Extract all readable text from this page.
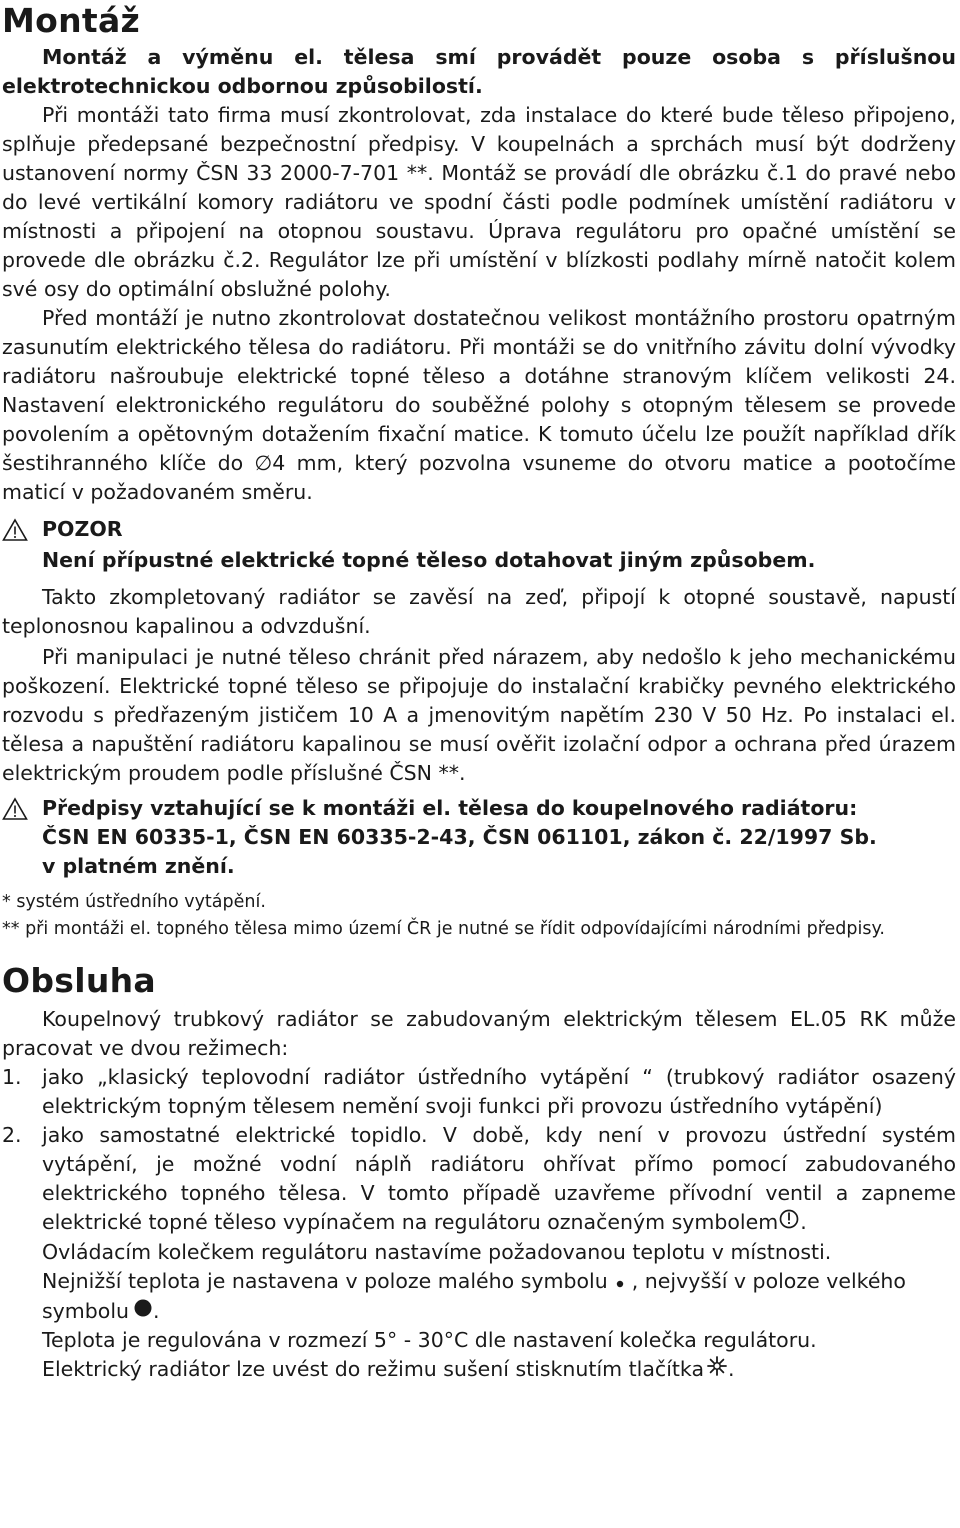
Montáž

Montáž a výměnu el. tělesa smí provádět pouze osoba s příslušnou elektrotechnickou odbornou způsobilostí.

Při montáži tato firma musí zkontrolovat, zda instalace do které bude těleso připojeno, splňuje předepsané bezpečnostní předpisy. V koupelnách a sprchách musí být dodrženy ustanovení normy ČSN 33 2000-7-701 **. Montáž se provádí dle obrázku č.1 do pravé nebo do levé vertikální komory radiátoru ve spodní části podle podmínek umístění radiátoru v místnosti a připojení na otopnou soustavu. Úprava regulátoru pro opačné umístění se provede dle obrázku č.2. Regulátor lze při umístění v blízkosti podlahy mírně natočit kolem své osy do optimální obslužné polohy.

Před montáží je nutno zkontrolovat dostatečnou velikost montážního prostoru opatrným zasunutím elektrického tělesa do radiátoru. Při montáži se do vnitřního závitu dolní vývodky radiátoru našroubuje elektrické topné těleso a dotáhne stranovým klíčem velikosti 24. Nastavení elektronického regulátoru do souběžné polohy s otopným tělesem se provede povolením a opětovným dotažením fixační matice. K tomuto účelu lze použít například dřík šestihranného klíče do ∅4 mm, který pozvolna vsuneme do otvoru matice a pootočíme maticí v požadovaném směru.

POZOR

Není přípustné elektrické topné těleso dotahovat jiným způsobem.

Takto zkompletovaný radiátor se zavěsí na zeď, připojí k otopné soustavě, napustí teplonosnou kapalinou a odvzdušní.

Při manipulaci je nutné těleso chránit před nárazem, aby nedošlo k jeho mechanickému poškození. Elektrické topné těleso se připojuje do instalační krabičky pevného elektrického rozvodu s předřazeným jističem 10 A a jmenovitým napětím 230 V 50 Hz. Po instalaci el. tělesa a napuštění radiátoru kapalinou se musí ověřit izolační odpor a ochrana před úrazem elektrickým proudem podle příslušné ČSN **.

Předpisy vztahující se k montáži el. tělesa do koupelnového radiátoru:

ČSN EN 60335-1, ČSN EN 60335-2-43, ČSN 061101, zákon č. 22/1997 Sb.

v platném znění.

* systém ústředního vytápění.

** při montáži el. topného tělesa mimo území ČR je nutné se řídit odpovídajícími národními předpisy.

Obsluha

Koupelnový trubkový radiátor se zabudovaným elektrickým tělesem EL.05 RK může pracovat ve dvou režimech:

1. jako „klasický teplovodní radiátor ústředního vytápění “ (trubkový radiátor osazený elektrickým topným tělesem nemění svoji funkci při provozu ústředního vytápění)

2. jako samostatné elektrické topidlo. V době, kdy není v provozu ústřední systém vytápění, je možné vodní náplň radiátoru ohřívat přímo pomocí zabudovaného elektrického topného tělesa. V tomto případě uzavřeme přívodní ventil a zapneme elektrické topné těleso vypínačem na regulátoru označeným symbolem .

Ovládacím kolečkem regulátoru nastavíme požadovanou teplotu v místnosti.

Nejnižší teplota je nastavena v poloze malého symbolu , nejvyšší v poloze velkého symbolu .

Teplota je regulována v rozmezí 5° - 30°C dle nastavení kolečka regulátoru.

Elektrický radiátor lze uvést do režimu sušení stisknutím tlačítka .
